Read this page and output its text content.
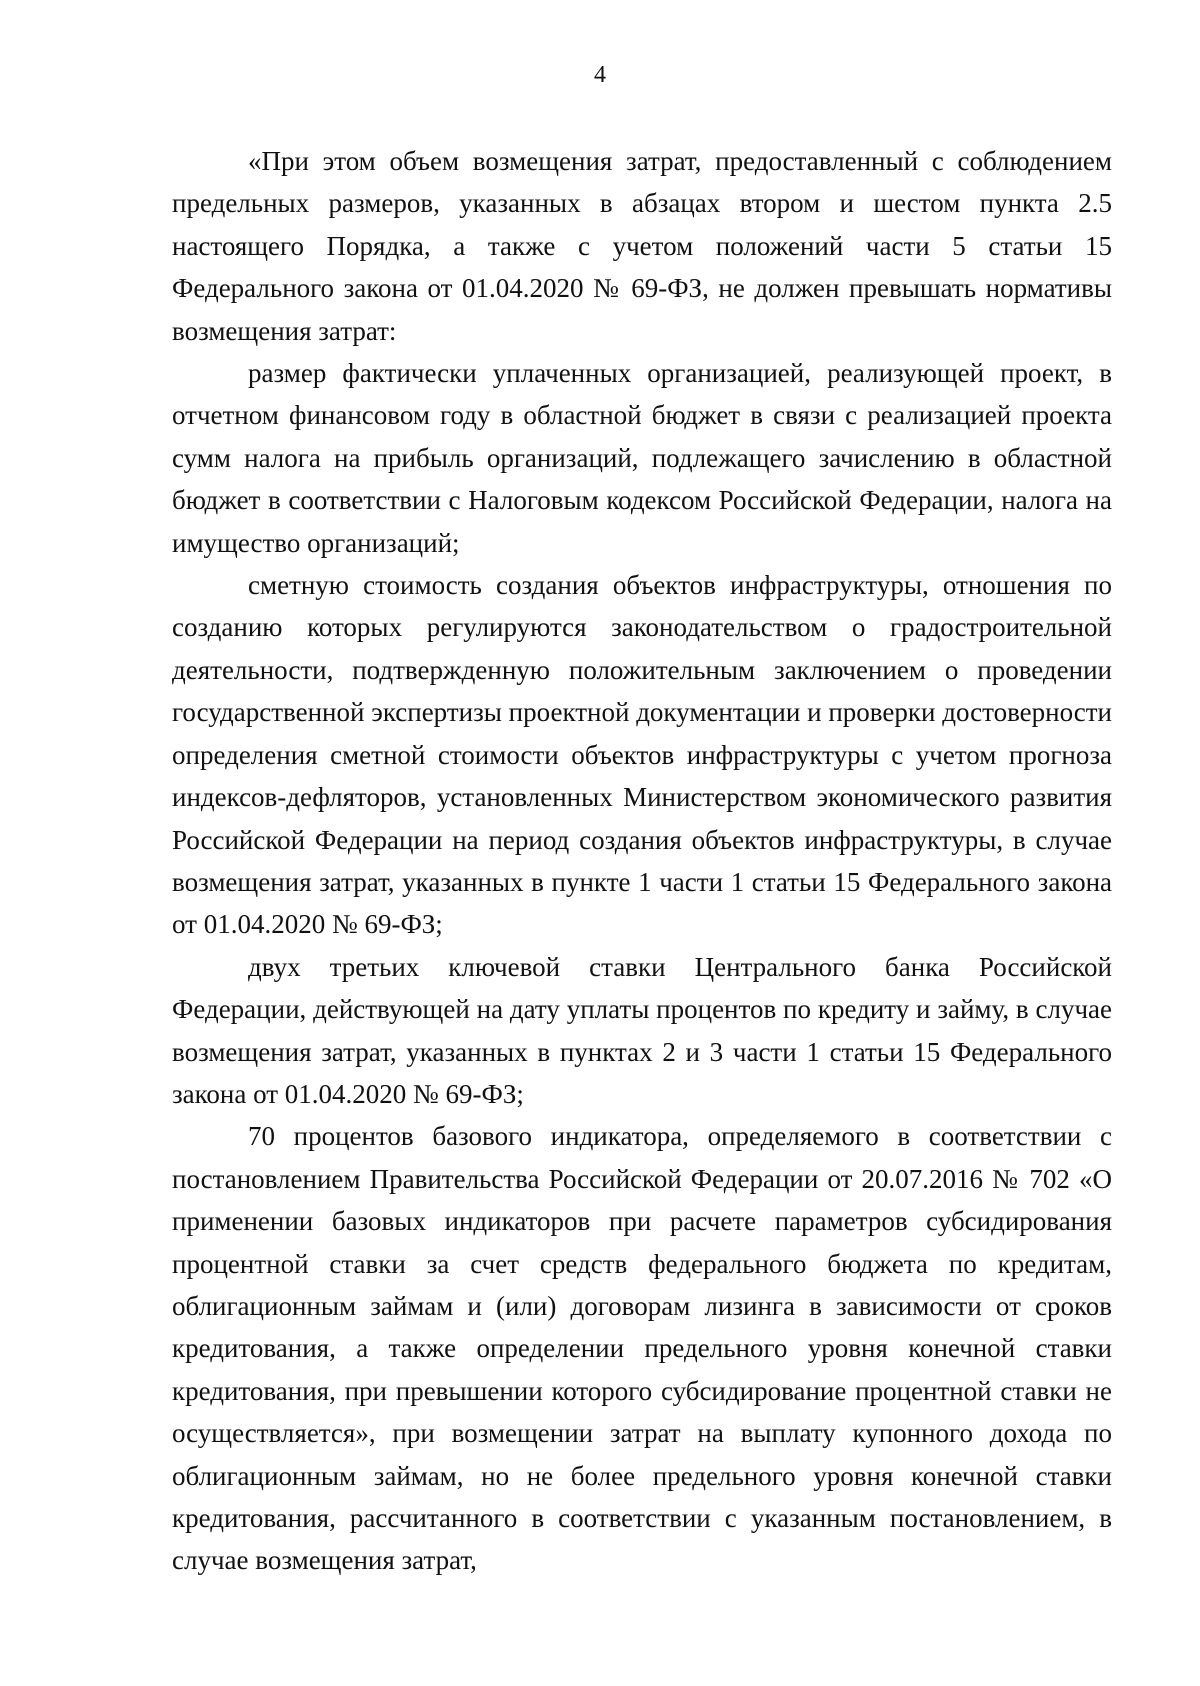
4

«При этом объем возмещения затрат, предоставленный с соблюдением предельных размеров, указанных в абзацах втором и шестом пункта 2.5 настоящего Порядка, а также с учетом положений части 5 статьи 15 Федерального закона от 01.04.2020 № 69-ФЗ, не должен превышать нормативы возмещения затрат:

размер фактически уплаченных организацией, реализующей проект, в отчетном финансовом году в областной бюджет в связи с реализацией проекта сумм налога на прибыль организаций, подлежащего зачислению в областной бюджет в соответствии с Налоговым кодексом Российской Федерации, налога на имущество организаций;

сметную стоимость создания объектов инфраструктуры, отношения по созданию которых регулируются законодательством о градостроительной деятельности, подтвержденную положительным заключением о проведении государственной экспертизы проектной документации и проверки достоверности определения сметной стоимости объектов инфраструктуры с учетом прогноза индексов-дефляторов, установленных Министерством экономического развития Российской Федерации на период создания объектов инфраструктуры, в случае возмещения затрат, указанных в пункте 1 части 1 статьи 15 Федерального закона от 01.04.2020 № 69-ФЗ;

двух третьих ключевой ставки Центрального банка Российской Федерации, действующей на дату уплаты процентов по кредиту и займу, в случае возмещения затрат, указанных в пунктах 2 и 3 части 1 статьи 15 Федерального закона от 01.04.2020 № 69-ФЗ;

70 процентов базового индикатора, определяемого в соответствии с постановлением Правительства Российской Федерации от 20.07.2016 № 702 «О применении базовых индикаторов при расчете параметров субсидирования процентной ставки за счет средств федерального бюджета по кредитам, облигационным займам и (или) договорам лизинга в зависимости от сроков кредитования, а также определении предельного уровня конечной ставки кредитования, при превышении которого субсидирование процентной ставки не осуществляется», при возмещении затрат на выплату купонного дохода по облигационным займам, но не более предельного уровня конечной ставки кредитования, рассчитанного в соответствии с указанным постановлением, в случае возмещения затрат,
